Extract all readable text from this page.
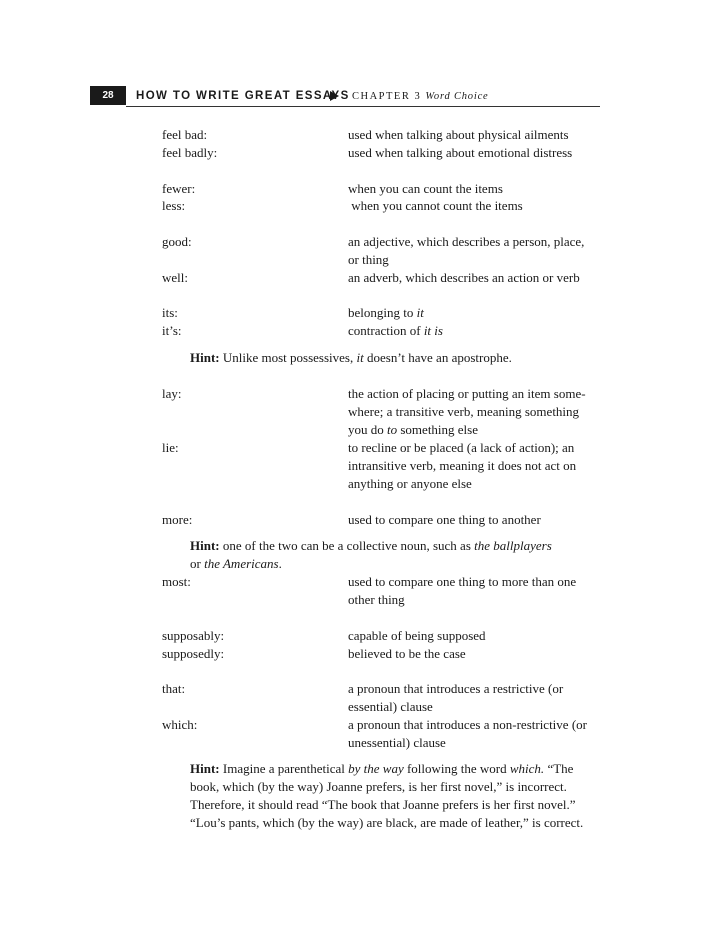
28	HOW TO WRITE GREAT ESSAYS CHAPTER 3 Word Choice
feel bad:	used when talking about physical ailments
feel badly:	used when talking about emotional distress
fewer:	when you can count the items
less:	when you cannot count the items
good:	an adjective, which describes a person, place,
or thing
well:	an adverb, which describes an action or verb
its:	belonging to it
it’s:	contraction of it is
Hint: Unlike most possessives, it doesn’t have an apostrophe.
lay:	the action of placing or putting an item some-
where; a transitive verb, meaning something
you do to something else
lie:	to recline or be placed (a lack of action); an
intransitive verb, meaning it does not act on
anything or anyone else
more:	used to compare one thing to another
Hint: one of the two can be a collective noun, such as the ballplayers
or the Americans.
most:	used to compare one thing to more than one
other thing
supposably:	capable of being supposed
supposedly:	believed to be the case
that:	a pronoun that introduces a restrictive (or
essential) clause
which:	a pronoun that introduces a non-restrictive (or
unessential) clause
Hint: Imagine a parenthetical by the way following the word which. “The
book, which (by the way) Joanne prefers, is her first novel,” is incorrect.
Therefore, it should read “The book that Joanne prefers is her first novel.”
“Lou’s pants, which (by the way) are black, are made of leather,” is correct.
